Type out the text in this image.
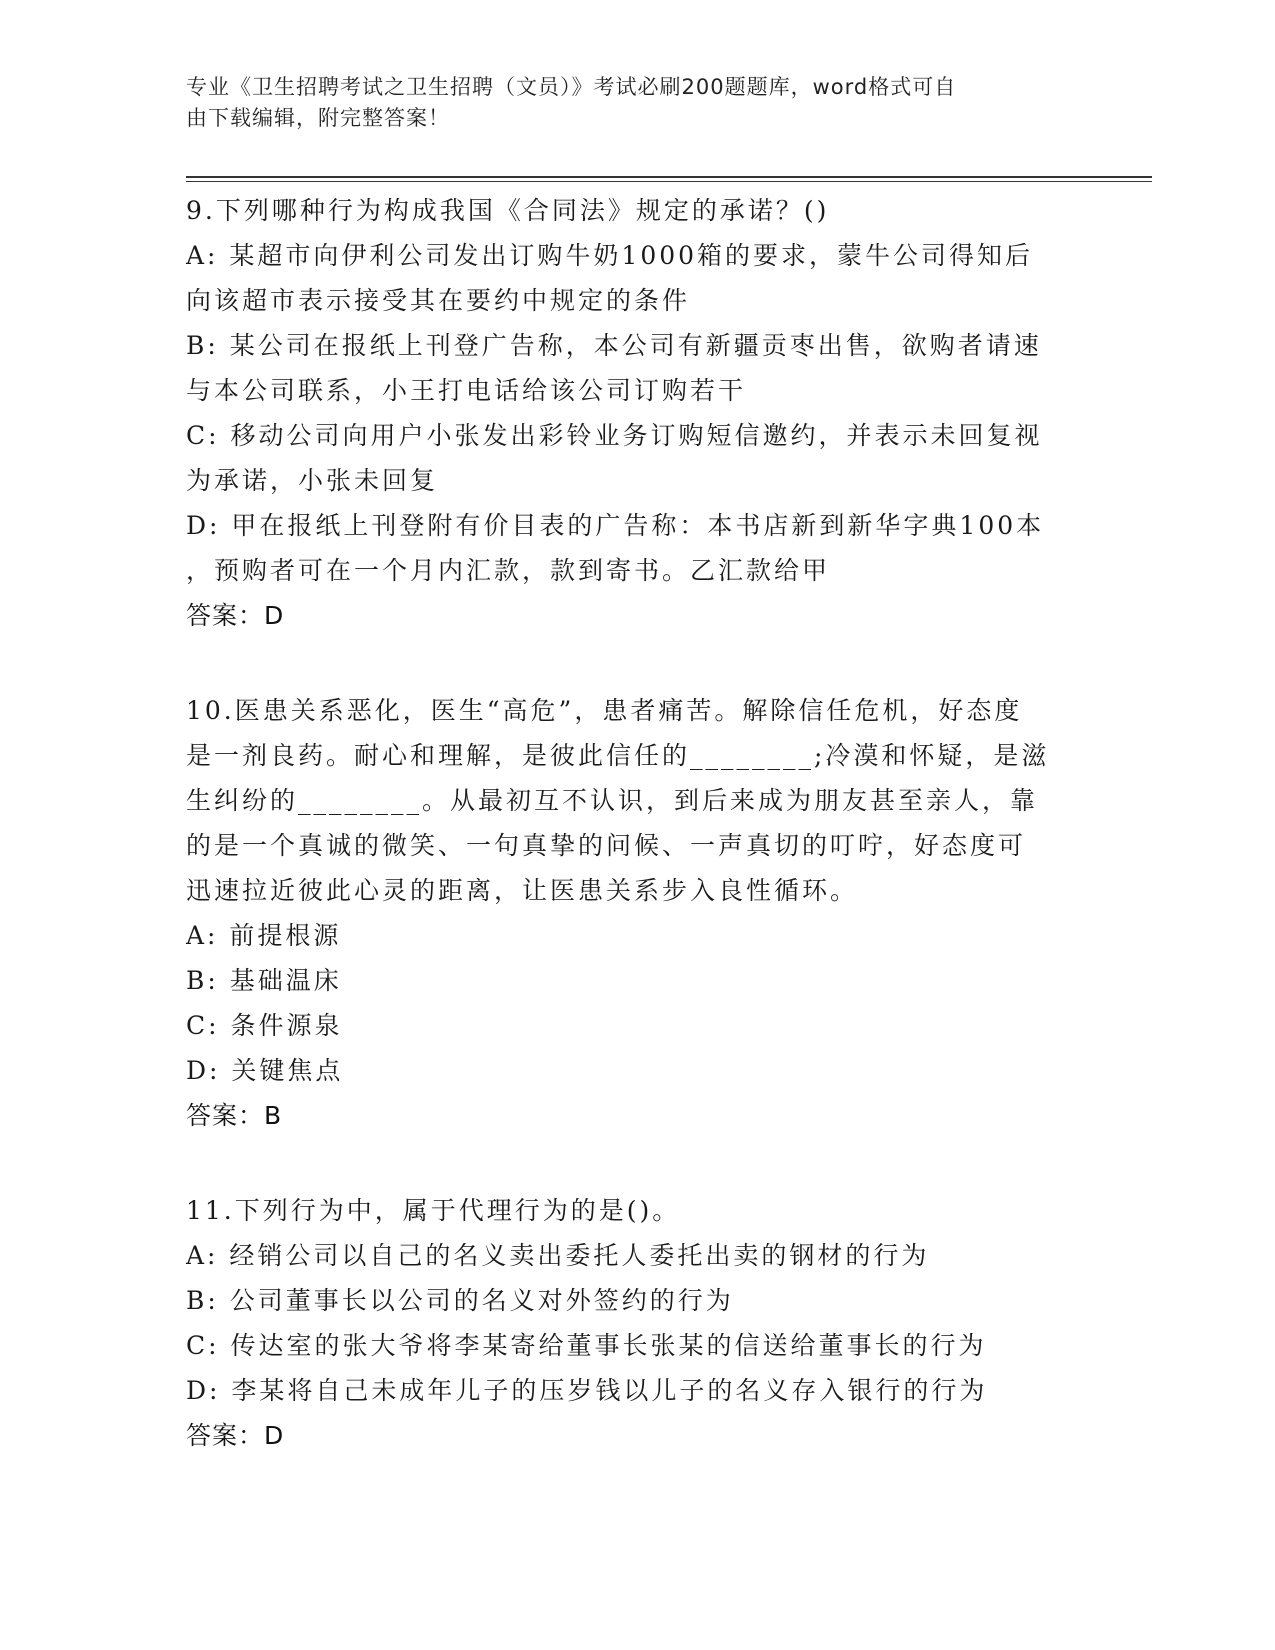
专业《卫生招聘考试之卫生招聘（文员）》考试必刷200题题库，word格式可自
由下载编辑，附完整答案！
9.下列哪种行为构成我国《合同法》规定的承诺？()
A: 某超市向伊利公司发出订购牛奶1000箱的要求，蒙牛公司得知后
向该超市表示接受其在要约中规定的条件
B: 某公司在报纸上刊登广告称，本公司有新疆贡枣出售，欲购者请速
与本公司联系，小王打电话给该公司订购若干
C: 移动公司向用户小张发出彩铃业务订购短信邀约，并表示未回复视
为承诺，小张未回复
D: 甲在报纸上刊登附有价目表的广告称：本书店新到新华字典100本
，预购者可在一个月内汇款，款到寄书。乙汇款给甲
答案：D
10.医患关系恶化，医生“高危”，患者痛苦。解除信任危机，好态度
是一剂良药。耐心和理解，是彼此信任的________;冷漠和怀疑，是滋
生纠纷的________。从最初互不认识，到后来成为朋友甚至亲人，靠
的是一个真诚的微笑、一句真挚的问候、一声真切的叮咛，好态度可
迅速拉近彼此心灵的距离，让医患关系步入良性循环。
A: 前提根源
B: 基础温床
C: 条件源泉
D: 关键焦点
答案：B
11.下列行为中，属于代理行为的是()。
A: 经销公司以自己的名义卖出委托人委托出卖的钢材的行为
B: 公司董事长以公司的名义对外签约的行为
C: 传达室的张大爷将李某寄给董事长张某的信送给董事长的行为
D: 李某将自己未成年儿子的压岁钱以儿子的名义存入银行的行为
答案：D
